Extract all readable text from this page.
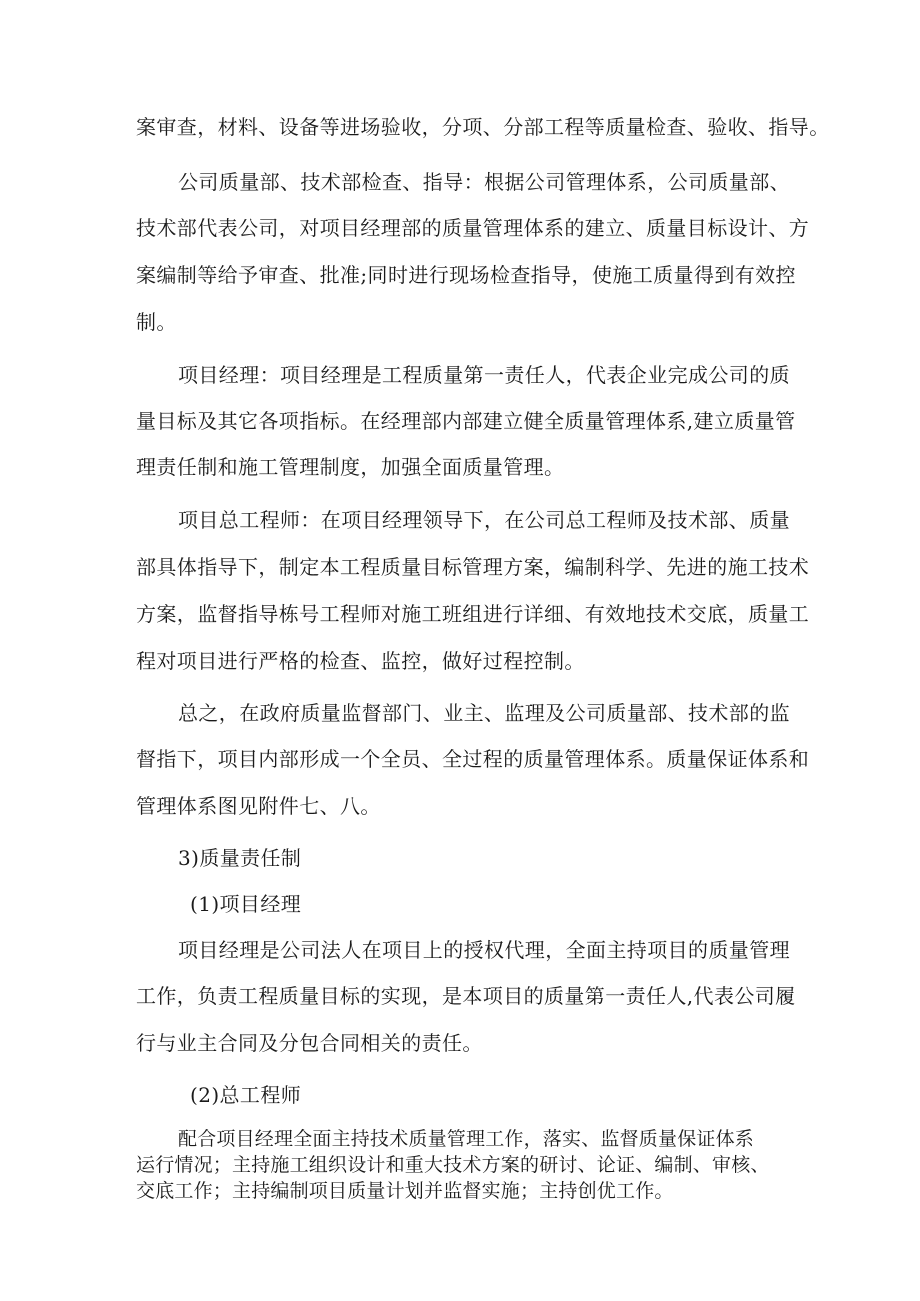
案审查，材料、设备等进场验收，分项、分部工程等质量检查、验收、指导。
公司质量部、技术部检查、指导：根据公司管理体系，公司质量部、
技术部代表公司，对项目经理部的质量管理体系的建立、质量目标设计、方
案编制等给予审查、批准;同时进行现场检查指导，使施工质量得到有效控
制。
项目经理：项目经理是工程质量第一责任人，代表企业完成公司的质
量目标及其它各项指标。在经理部内部建立健全质量管理体系,建立质量管
理责任制和施工管理制度，加强全面质量管理。
项目总工程师：在项目经理领导下，在公司总工程师及技术部、质量
部具体指导下，制定本工程质量目标管理方案，编制科学、先进的施工技术
方案，监督指导栋号工程师对施工班组进行详细、有效地技术交底，质量工
程对项目进行严格的检查、监控，做好过程控制。
总之，在政府质量监督部门、业主、监理及公司质量部、技术部的监
督指下，项目内部形成一个全员、全过程的质量管理体系。质量保证体系和
管理体系图见附件七、八。
3)质量责任制
(1)项目经理
项目经理是公司法人在项目上的授权代理，全面主持项目的质量管理
工作，负责工程质量目标的实现，是本项目的质量第一责任人,代表公司履
行与业主合同及分包合同相关的责任。
(2)总工程师
配合项目经理全面主持技术质量管理工作，落实、监督质量保证体系
运行情况；主持施工组织设计和重大技术方案的研讨、论证、编制、审核、
交底工作；主持编制项目质量计划并监督实施；主持创优工作。
